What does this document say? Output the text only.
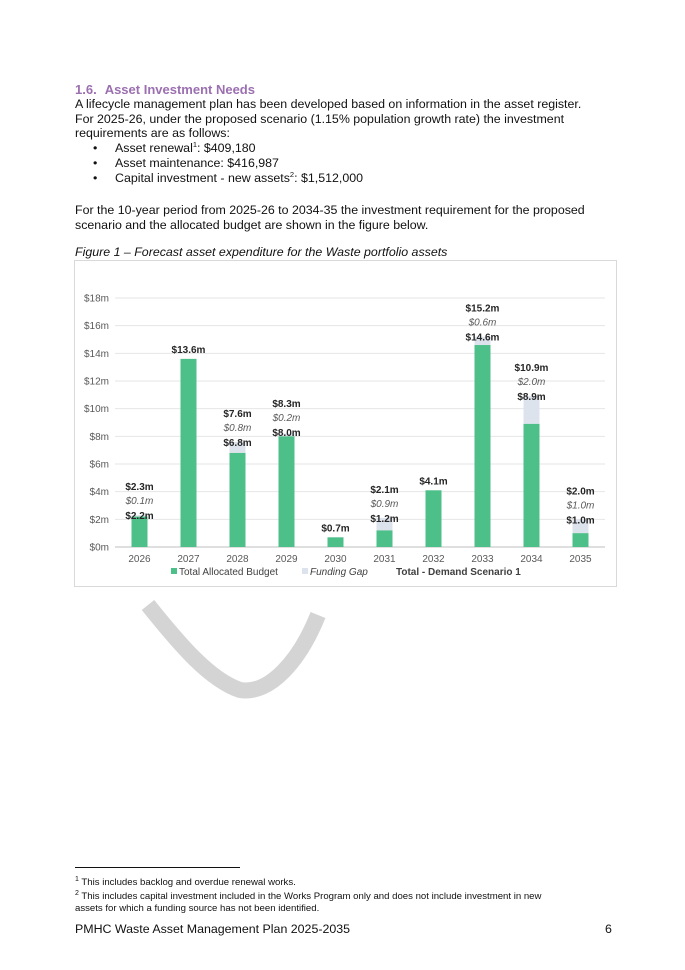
1.6. Asset Investment Needs
A lifecycle management plan has been developed based on information in the asset register.
For 2025-26, under the proposed scenario (1.15% population growth rate) the investment
requirements are as follows:
• Asset renewal$^1$: $409,180
• Asset maintenance: $416,987
• Capital investment - new assets$^2$: $1,512,000
For the 10-year period from 2025-26 to 2034-35 the investment requirement for the proposed
scenario and the allocated budget are shown in the figure below.
Figure 1 – Forecast asset expenditure for the Waste portfolio assets
$0m
$2m
$4m
$6m
$8m
$10m
$12m
$14m
$16m
$18m
2026
$2.3m
$0.1m
$2.2m
2027
$13.6m
2028
$7.6m
$0.8m
$6.8m
2029
$8.3m
$0.2m
$8.0m
2030
$0.7m
2031
$2.1m
$0.9m
$1.2m
2032
$4.1m
2033
$15.2m
$0.6m
$14.6m
2034
$10.9m
$2.0m
$8.9m
2035
$2.0m
$1.0m
$1.0m
Total Allocated Budget	Funding Gap	Total - Demand Scenario 1
$^1$ This includes backlog and overdue renewal works.
$^2$ This includes capital investment included in the Works Program only and does not include investment in new
assets for which a funding source has not been identified.
PMHC Waste Asset Management Plan 2025-2035	6
